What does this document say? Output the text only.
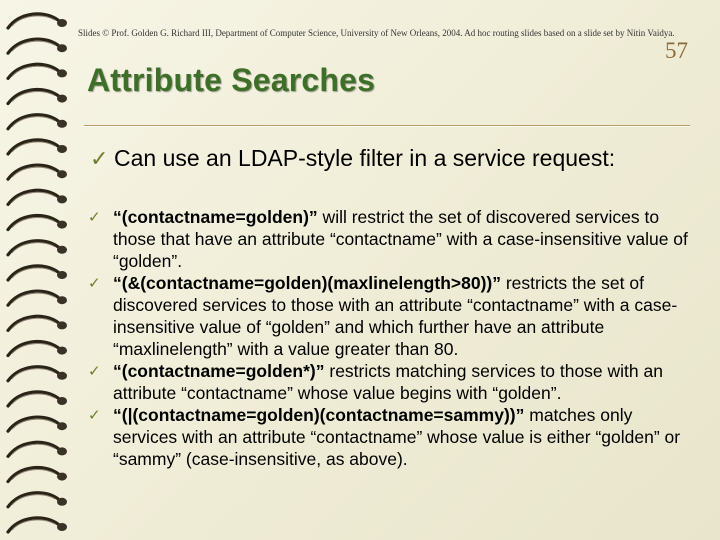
Slides © Prof. Golden G. Richard III, Department of Computer Science, University of New Orleans, 2004. Ad hoc routing slides based on a slide set by Nitin Vaidya.
57
Attribute Searches
✓ Can use an LDAP-style filter in a service request:
✓ “(contactname=golden)” will restrict the set of discovered services to those that have an attribute “contactname” with a case-insensitive value of “golden”.
✓ “(&(contactname=golden)(maxlinelength>80))” restricts the set of discovered services to those with an attribute “contactname” with a case-insensitive value of “golden” and which further have an attribute “maxlinelength” with a value greater than 80.
✓ “(contactname=golden*)” restricts matching services to those with an attribute “contactname” whose value begins with “golden”.
✓ “(|(contactname=golden)(contactname=sammy))” matches only services with an attribute “contactname” whose value is either “golden” or “sammy” (case-insensitive, as above).
